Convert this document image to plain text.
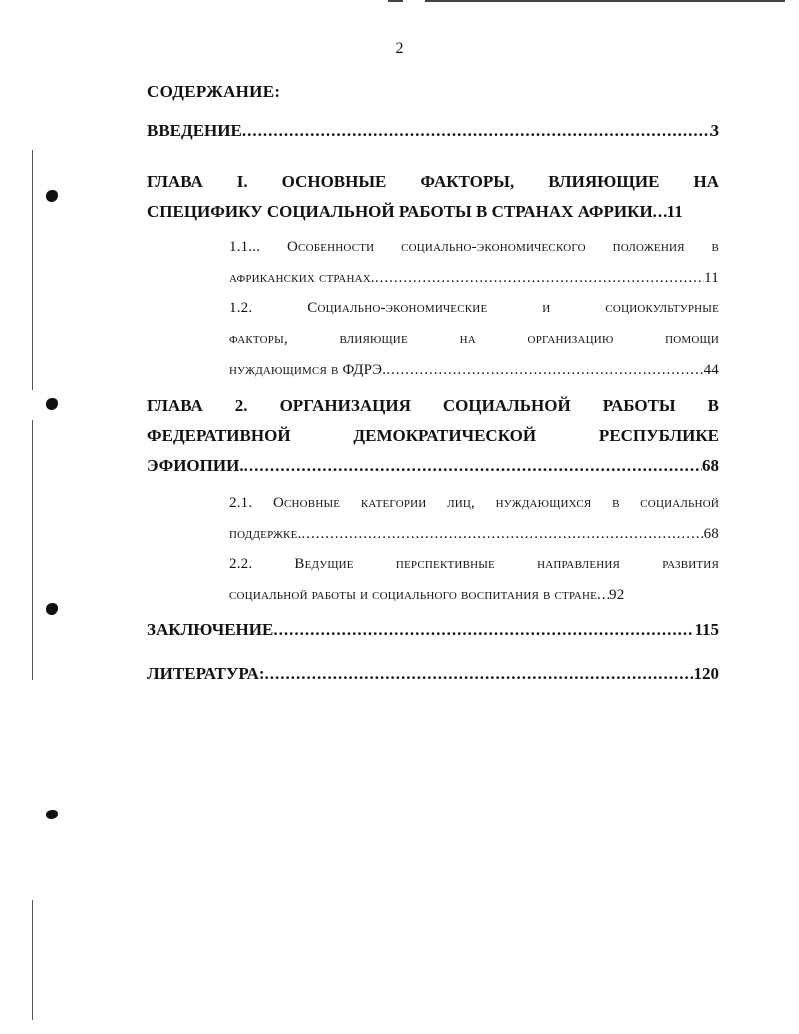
2
СОДЕРЖАНИЕ:
ВВЕДЕНИЕ .....	3
ГЛАВА I. ОСНОВНЫЕ ФАКТОРЫ, ВЛИЯЮЩИЕ НА
СПЕЦИФИКУ СОЦИАЛЬНОЙ РАБОТЫ В СТРАНАХ АФРИКИ ..... 11
1.1... Особенности социально-экономического положения в
африканских странах. .....	11
1.2. Социально-экономические и социокультурные
факторы, влияющие на организацию помощи
нуждающимся в ФДРЭ. .....	44
ГЛАВА 2. ОРГАНИЗАЦИЯ СОЦИАЛЬНОЙ РАБОТЫ В
ФЕДЕРАТИВНОЙ ДЕМОКРАТИЧЕСКОЙ РЕСПУБЛИКЕ
ЭФИОПИИ. .....	68
2.1. Основные категории лиц, нуждающихся в социальной
поддержке. .....	68
2.2. Ведущие перспективные направления развития
социальной работы и социального воспитания в стране ..... 92
ЗАКЛЮЧЕНИЕ .....	115
ЛИТЕРАТУРА: .....	120
